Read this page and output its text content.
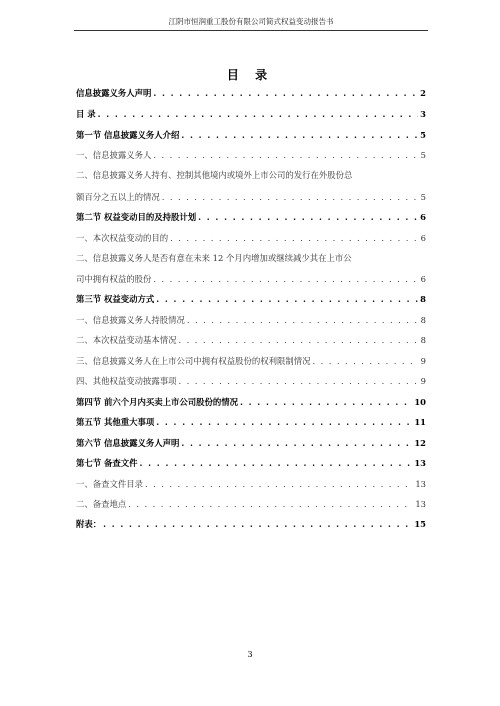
江阴市恒润重工股份有限公司简式权益变动报告书
目 录
信息披露义务人声明 . . .	2
目 录 . . .	3
第一节 信息披露义务人介绍 . . .	5
一、信息披露义务人 . . .	5
二、信息披露义务人持有、控制其他境内或境外上市公司的发行在外股份总
额百分之五以上的情况 . . .	5
第二节 权益变动目的及持股计划 . . .	6
一、本次权益变动的目的 . . .	6
二、信息披露义务人是否有意在未来 12 个月内增加或继续减少其在上市公
司中拥有权益的股份 . . .	6
第三节 权益变动方式 . . .	8
一、信息披露义务人持股情况 . . .	8
二、本次权益变动基本情况 . . .	8
三、信息披露义务人在上市公司中拥有权益股份的权利限制情况 . . .	9
四、其他权益变动披露事项 . . .	9
第四节 前六个月内买卖上市公司股份的情况 . . .	10
第五节 其他重大事项 . . .	11
第六节 信息披露义务人声明 . . .	12
第七节 备查文件 . . .	13
一、备查文件目录 . . .	13
二、备查地点 . . .	13
附表： . . .	15
3
